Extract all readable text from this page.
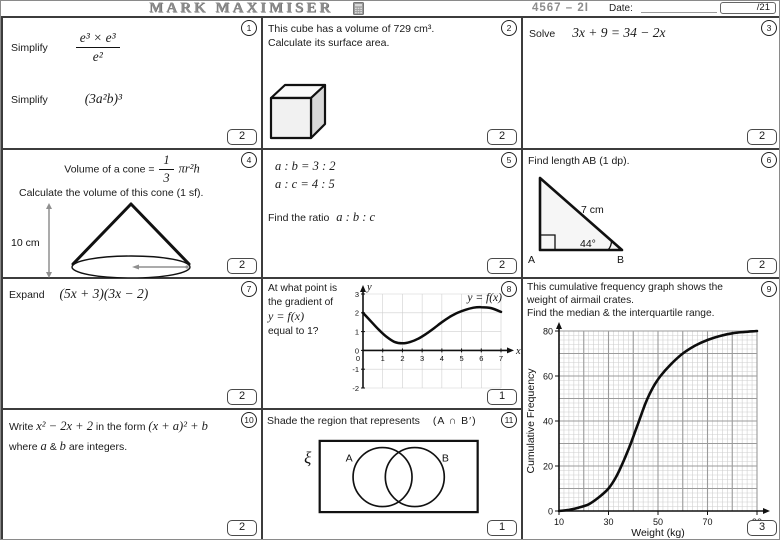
MARK MAXIMISER	4567 – 2I Date:	/21
1
Simplify $\frac{\text{e³ × e³}}{\text{e²}}$
Simplify	(3a²b)³
2
2
This cube has a volume of 729 cm³.
Calculate its surface area.
2
3
Solve 3x + 9 = 34 − 2x
2
4
Volume of a cone = $\frac{1}{3} \pi r^2h$
Calculate the volume of this cone (1 sf).
10 cm
2
5
a : b = 3 : 2
a : c = 4 : 5
Find the ratio a : b : c
2
6
Find length AB (1 dp).
A	B
7 cm
44°
2
7
Expand (5x + 3)(3x − 2)
2
8
At what point is
the gradient of
y = f(x)
equal to 1?
0	1 2 3 4 5 6 7
-2
-1
0
1
2
3
x
y
y = f(x)
1
9
This cumulative frequency graph shows the
weight of airmail crates.
Find the median & the interquartile range.
10	30	50	70
0
20
40
60
80
Weight (kg)
Cumulative Frequency
3
10
Write x² − 2x + 2 in the form (x + a)² + b
where a & b are integers.
2
11
Shade the region that represents (A ∩ B′)
ξ A	B
1
